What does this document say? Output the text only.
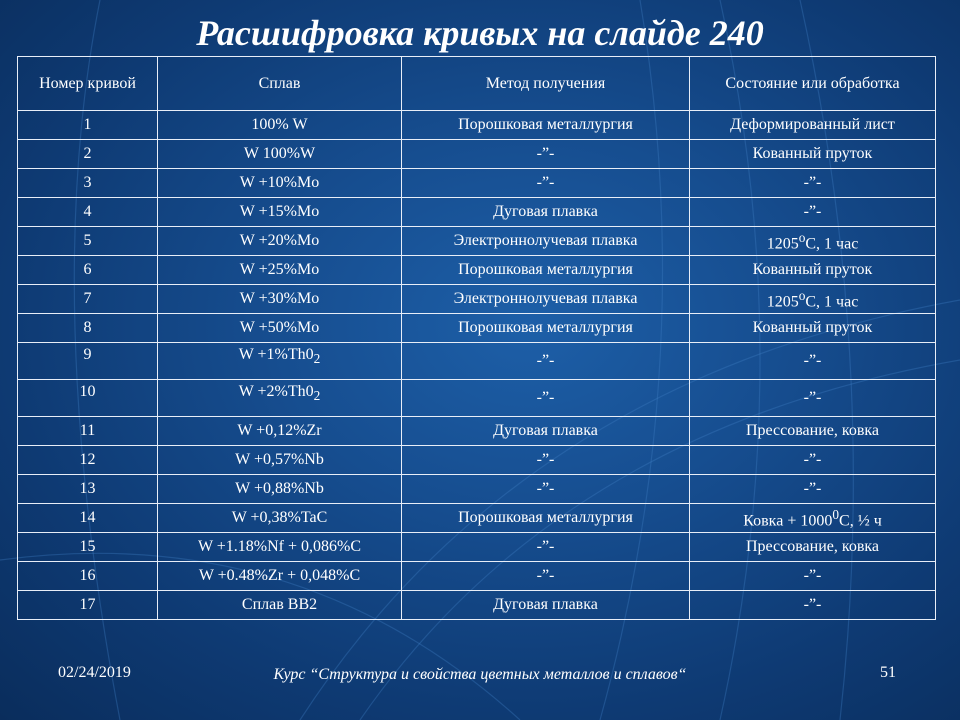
Расшифровка кривых на слайде 240
Номер кривой	Сплав	Метод получения	Состояние или обработка
1	100% W	Порошковая металлургия	Деформированный лист
2	W 100%W	-”-	Кованный пруток
3	W +10%Mo	-”-	-”-
4	W +15%Mo	Дуговая плавка	-”-
5	W +20%Mo	Электроннолучевая плавка	1205$^o$C, 1 час
6	W +25%Mo	Порошковая металлургия	Кованный пруток
7	W +30%Mo	Электроннолучевая плавка	1205$^o$C, 1 час
8	W +50%Mo	Порошковая металлургия	Кованный пруток
9	$W +1\%Th0_2$	-”-	-”-
10	$W +2\%Th0_2$	-”-	-”-
11	W +0,12%Zr	Дуговая плавка	Прессование, ковка
12	W +0,57%Nb	-”-	-”-
13	W +0,88%Nb	-”-	-”-
14	W +0,38%TaC	Порошковая металлургия	Ковка + $1000^0C$, ½ ч
15	W +1.18%Nf + 0,086%C	-”-	Прессование, ковка
16	W +0.48%Zr + 0,048%C	-”-	-”-
17	Сплав ВВ2	Дуговая плавка	-”-
02/24/2019	Курс “Структура и свойства цветных металлов и сплавов“	51
